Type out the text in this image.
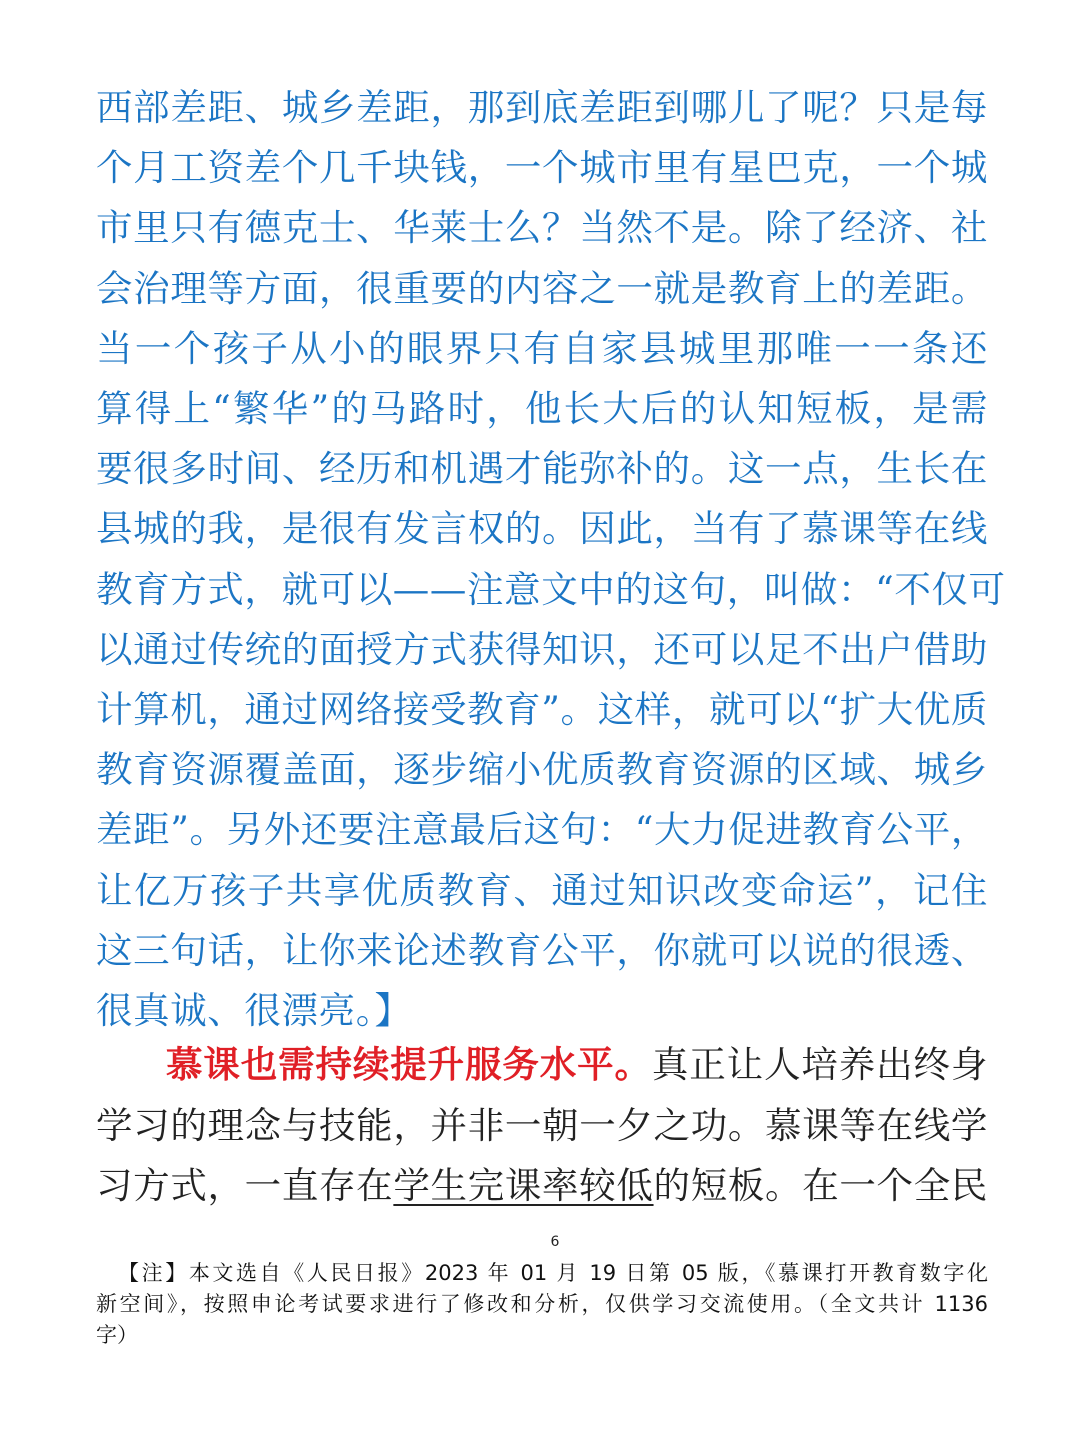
西部差距、城乡差距，那到底差距到哪儿了呢？只是每
个月工资差个几千块钱，一个城市里有星巴克，一个城
市里只有德克士、华莱士么？当然不是。除了经济、社
会治理等方面，很重要的内容之一就是教育上的差距。
当一个孩子从小的眼界只有自家县城里那唯一一条还
算得上“繁华”的马路时，他长大后的认知短板，是需
要很多时间、经历和机遇才能弥补的。这一点，生长在
县城的我，是很有发言权的。因此，当有了慕课等在线
教育方式，就可以——注意文中的这句，叫做：“不仅可
以通过传统的面授方式获得知识，还可以足不出户借助
计算机，通过网络接受教育”。这样，就可以“扩大优质
教育资源覆盖面，逐步缩小优质教育资源的区域、城乡
差距”。另外还要注意最后这句：“大力促进教育公平，
让亿万孩子共享优质教育、通过知识改变命运”，记住
这三句话，让你来论述教育公平，你就可以说的很透、
很真诚、很漂亮。】
慕课也需持续提升服务水平。真正让人培养出终身
学习的理念与技能，并非一朝一夕之功。慕课等在线学
习方式，一直存在学生完课率较低的短板。在一个全民
6
【注】本文选自《人民日报》2023 年 01 月 19 日第 05 版，《慕课打开教育数字化
新空间》，按照申论考试要求进行了修改和分析，仅供学习交流使用。（全文共计 1136
字）
